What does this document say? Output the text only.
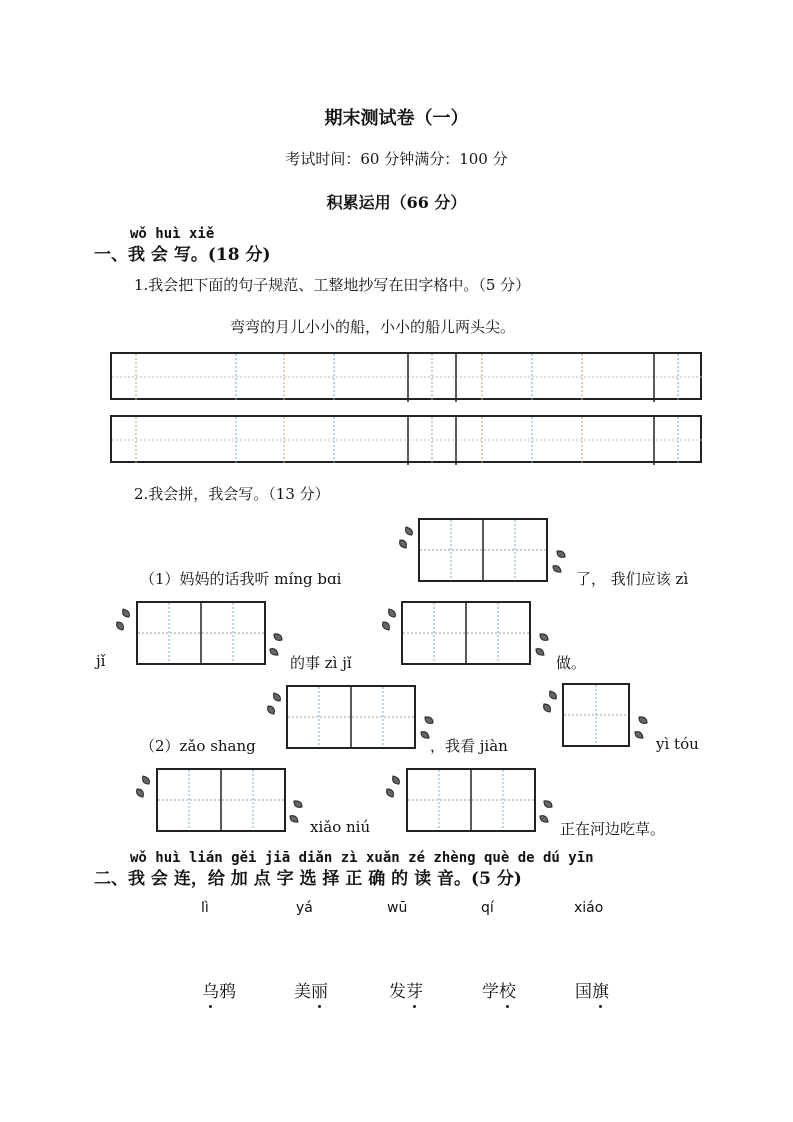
期末测试卷（一）
考试时间：60 分钟满分：100 分
积累运用（66 分）
wǒ huì xiě
一、我 会 写。(18 分)
1.我会把下面的句子规范、工整地抄写在田字格中。（5 分）
弯弯的月儿小小的船，小小的船儿两头尖。
2.我会拼，我会写。（13 分）
（1）妈妈的话我听 míng bɑi	了， 我们应该 zì
jǐ	的事 zì jǐ	做。
（2）zǎo shang	，我看 jiàn	yì tóu
xiǎo niú	正在河边吃草。
wǒ huì lián gěi jiā diǎn zì xuǎn zé zhèng què de dú yīn
二、我 会 连，给 加 点 字 选 择 正 确 的 读 音。(5 分)
lì	yá	wū	qí	xiáo
乌鸦	美丽	发芽	学校	国旗
